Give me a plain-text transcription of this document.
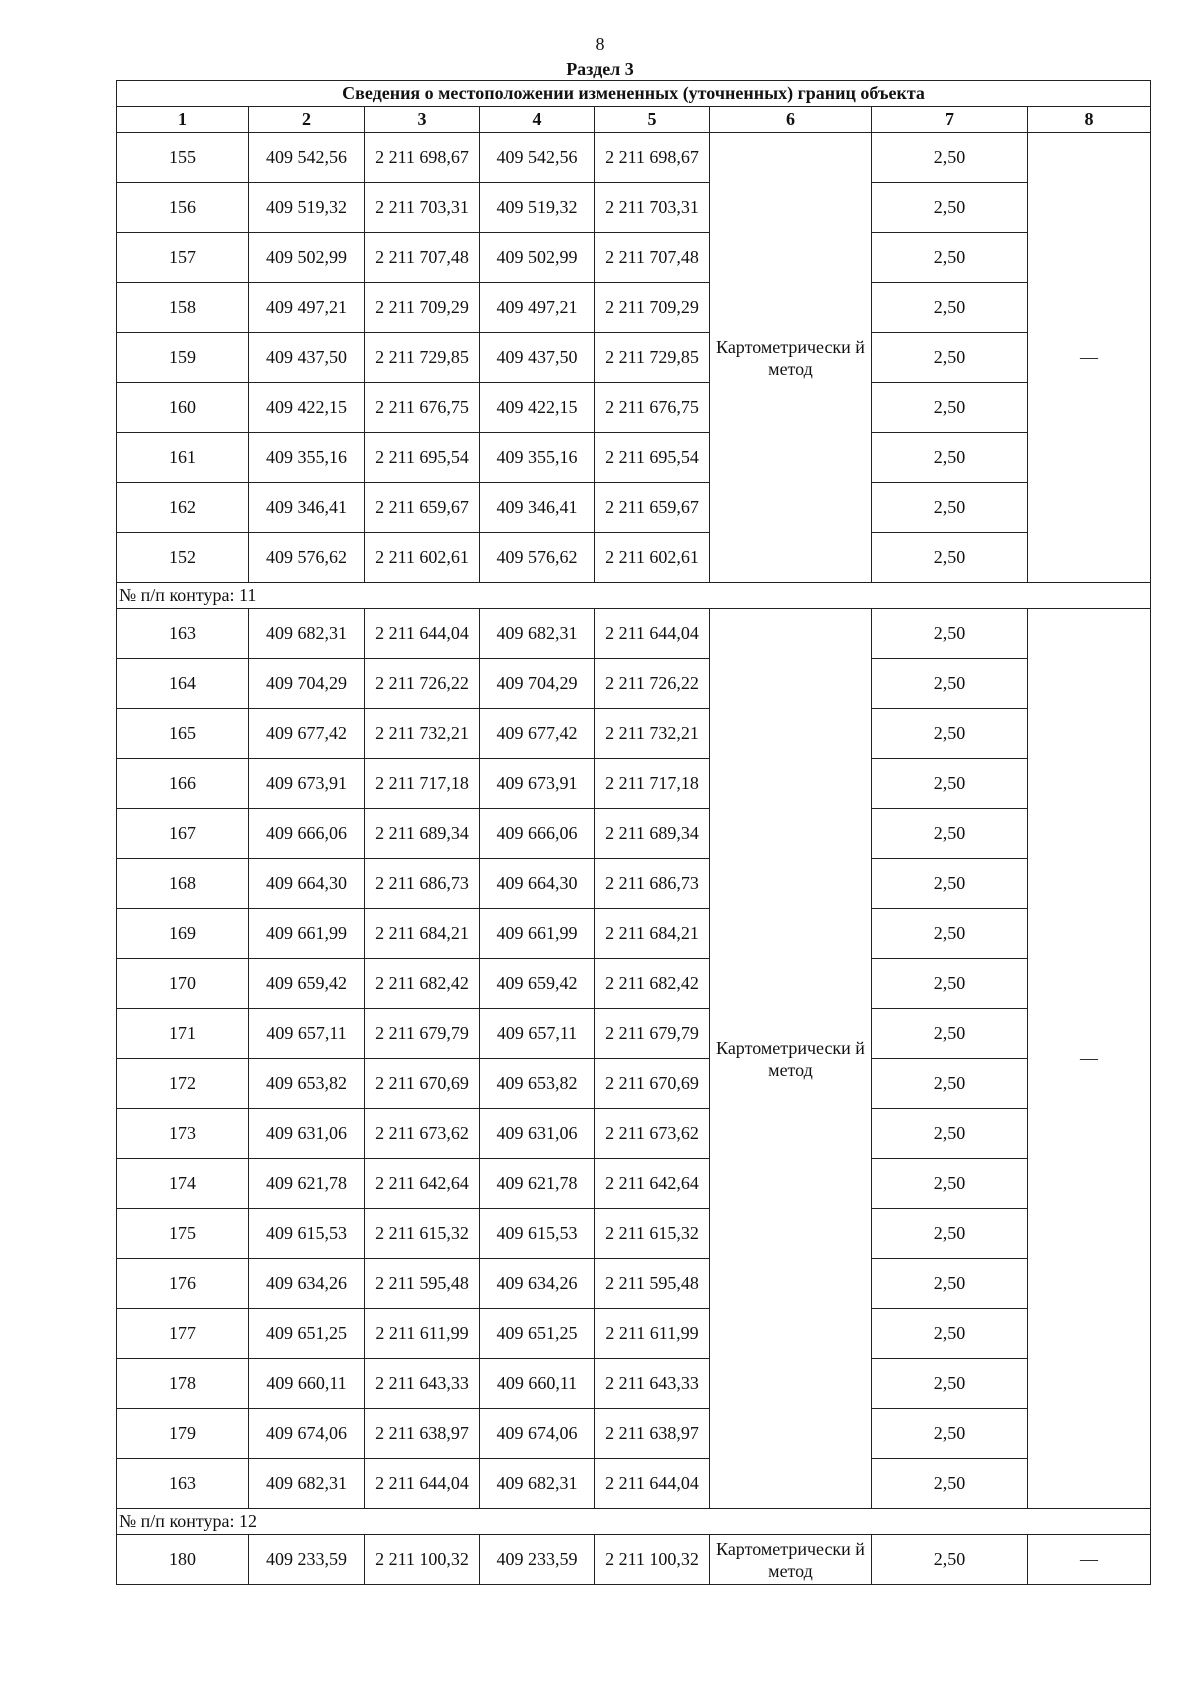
8
Раздел 3
Сведения о местоположении измененных (уточненных) границ объекта							
1	2	3	4	5	6	7	8
155	409 542,56	2 211 698,67	409 542,56	2 211 698,67	Картометрически й метод	2,50	—
156	409 519,32	2 211 703,31	409 519,32	2 211 703,31		2,50	
157	409 502,99	2 211 707,48	409 502,99	2 211 707,48		2,50	
158	409 497,21	2 211 709,29	409 497,21	2 211 709,29		2,50	
159	409 437,50	2 211 729,85	409 437,50	2 211 729,85		2,50	
160	409 422,15	2 211 676,75	409 422,15	2 211 676,75		2,50	
161	409 355,16	2 211 695,54	409 355,16	2 211 695,54		2,50	
162	409 346,41	2 211 659,67	409 346,41	2 211 659,67		2,50	
152	409 576,62	2 211 602,61	409 576,62	2 211 602,61		2,50	
№ п/п контура: 11							
163	409 682,31	2 211 644,04	409 682,31	2 211 644,04	Картометрически й метод	2,50	—
164	409 704,29	2 211 726,22	409 704,29	2 211 726,22		2,50	
165	409 677,42	2 211 732,21	409 677,42	2 211 732,21		2,50	
166	409 673,91	2 211 717,18	409 673,91	2 211 717,18		2,50	
167	409 666,06	2 211 689,34	409 666,06	2 211 689,34		2,50	
168	409 664,30	2 211 686,73	409 664,30	2 211 686,73		2,50	
169	409 661,99	2 211 684,21	409 661,99	2 211 684,21		2,50	
170	409 659,42	2 211 682,42	409 659,42	2 211 682,42		2,50	
171	409 657,11	2 211 679,79	409 657,11	2 211 679,79		2,50	
172	409 653,82	2 211 670,69	409 653,82	2 211 670,69		2,50	
173	409 631,06	2 211 673,62	409 631,06	2 211 673,62		2,50	
174	409 621,78	2 211 642,64	409 621,78	2 211 642,64		2,50	
175	409 615,53	2 211 615,32	409 615,53	2 211 615,32		2,50	
176	409 634,26	2 211 595,48	409 634,26	2 211 595,48		2,50	
177	409 651,25	2 211 611,99	409 651,25	2 211 611,99		2,50	
178	409 660,11	2 211 643,33	409 660,11	2 211 643,33		2,50	
179	409 674,06	2 211 638,97	409 674,06	2 211 638,97		2,50	
163	409 682,31	2 211 644,04	409 682,31	2 211 644,04		2,50	
№ п/п контура: 12							
180	409 233,59	2 211 100,32	409 233,59	2 211 100,32	Картометрически й метод	2,50	—
